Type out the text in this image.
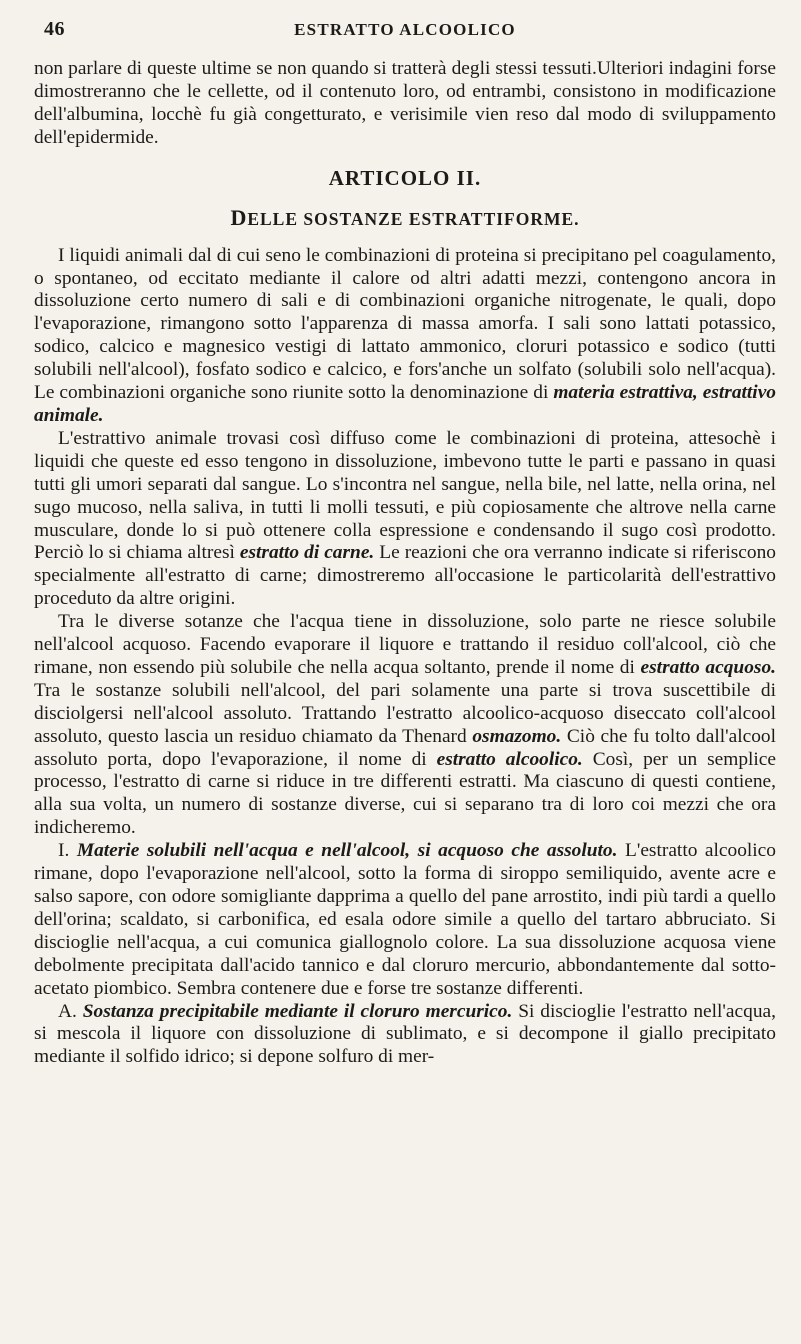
46	ESTRATTO ALCOOLICO

non parlare di queste ultime se non quando si tratterà degli stessi tessuti.Ulteriori indagini forse dimostreranno che le cellette, od il contenuto loro, od entrambi, consistono in modificazione dell'albumina, locchè fu già congetturato, e verisimile vien reso dal modo di sviluppamento dell'epidermide.

ARTICOLO II.
DELLE SOSTANZE ESTRATTIFORME.

I liquidi animali dal di cui seno le combinazioni di proteina si precipitano pel coagulamento, o spontaneo, od eccitato mediante il calore od altri adatti mezzi, contengono ancora in dissoluzione certo numero di sali e di combinazioni organiche nitrogenate, le quali, dopo l'evaporazione, rimangono sotto l'apparenza di massa amorfa. I sali sono lattati potassico, sodico, calcico e magnesico vestigi di lattato ammonico, cloruri potassico e sodico (tutti solubili nell'alcool), fosfato sodico e calcico, e fors'anche un solfato (solubili solo nell'acqua). Le combinazioni organiche sono riunite sotto la denominazione di materia estrattiva, estrattivo animale.

L'estrattivo animale trovasi così diffuso come le combinazioni di proteina, attesochè i liquidi che queste ed esso tengono in dissoluzione, imbevono tutte le parti e passano in quasi tutti gli umori separati dal sangue. Lo s'incontra nel sangue, nella bile, nel latte, nella orina, nel sugo mucoso, nella saliva, in tutti li molli tessuti, e più copiosamente che altrove nella carne musculare, donde lo si può ottenere colla espressione e condensando il sugo così prodotto. Perciò lo si chiama altresì estratto di carne. Le reazioni che ora verranno indicate si riferiscono specialmente all'estratto di carne; dimostreremo all'occasione le particolarità dell'estrattivo proceduto da altre origini.

Tra le diverse sotanze che l'acqua tiene in dissoluzione, solo parte ne riesce solubile nell'alcool acquoso. Facendo evaporare il liquore e trattando il residuo coll'alcool, ciò che rimane, non essendo più solubile che nella acqua soltanto, prende il nome di estratto acquoso. Tra le sostanze solubili nell'alcool, del pari solamente una parte si trova suscettibile di disciolgersi nell'alcool assoluto. Trattando l'estratto alcoolico-acquoso diseccato coll'alcool assoluto, questo lascia un residuo chiamato da Thenard osmazomo. Ciò che fu tolto dall'alcool assoluto porta, dopo l'evaporazione, il nome di estratto alcoolico. Così, per un semplice processo, l'estratto di carne si riduce in tre differenti estratti. Ma ciascuno di questi contiene, alla sua volta, un numero di sostanze diverse, cui si separano tra di loro coi mezzi che ora indicheremo.

I. Materie solubili nell'acqua e nell'alcool, si acquoso che assoluto. L'estratto alcoolico rimane, dopo l'evaporazione nell'alcool, sotto la forma di siroppo semiliquido, avente acre e salso sapore, con odore somigliante dapprima a quello del pane arrostito, indi più tardi a quello dell'orina; scaldato, si carbonifica, ed esala odore simile a quello del tartaro abbruciato. Si discioglie nell'acqua, a cui comunica giallognolo colore. La sua dissoluzione acquosa viene debolmente precipitata dall'acido tannico e dal cloruro mercurio, abbondantemente dal sotto-acetato piombico. Sembra contenere due e forse tre sostanze differenti.

A. Sostanza precipitabile mediante il cloruro mercurico. Si discioglie l'estratto nell'acqua, si mescola il liquore con dissoluzione di sublimato, e si decompone il giallo precipitato mediante il solfido idrico; si depone solfuro di mer-
